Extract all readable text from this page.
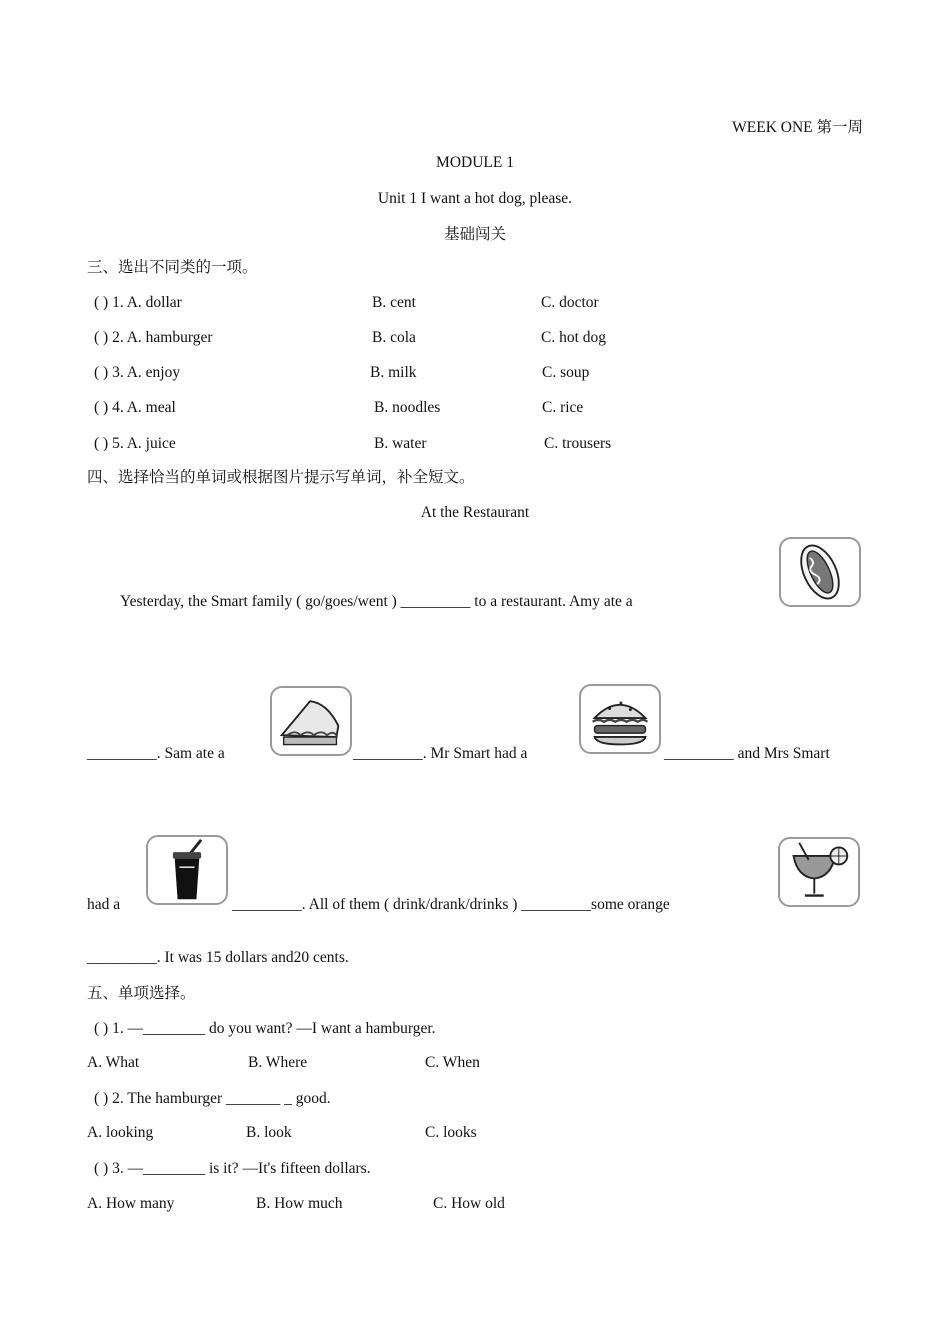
WEEK ONE 第一周
MODULE 1
Unit 1 I want a hot dog, please.
基础闯关
三、选出不同类的一项。
( ) 1. A. dollar	B. cent	C. doctor
( ) 2. A. hamburger	B. cola	C. hot dog
( ) 3. A. enjoy	B. milk	C. soup
( ) 4. A. meal	B. noodles	C. rice
( ) 5. A. juice	B. water	C. trousers
四、选择恰当的单词或根据图片提示写单词，补全短文。
At the Restaurant
Yesterday, the Smart family ( go/goes/went ) _________ to a restaurant. Amy ate a
_________. Sam ate a	_________. Mr Smart had a	_________ and Mrs Smart
had a	_________. All of them ( drink/drank/drinks ) _________some orange
_________. It was 15 dollars and20 cents.
五、单项选择。
( ) 1. —________ do you want? —I want a hamburger.
A. What	B. Where	C. When
( ) 2. The hamburger _______ _ good.
A. looking	B. look	C. looks
( ) 3. —________ is it? —It's fifteen dollars.
A. How many	B. How much	C. How old
